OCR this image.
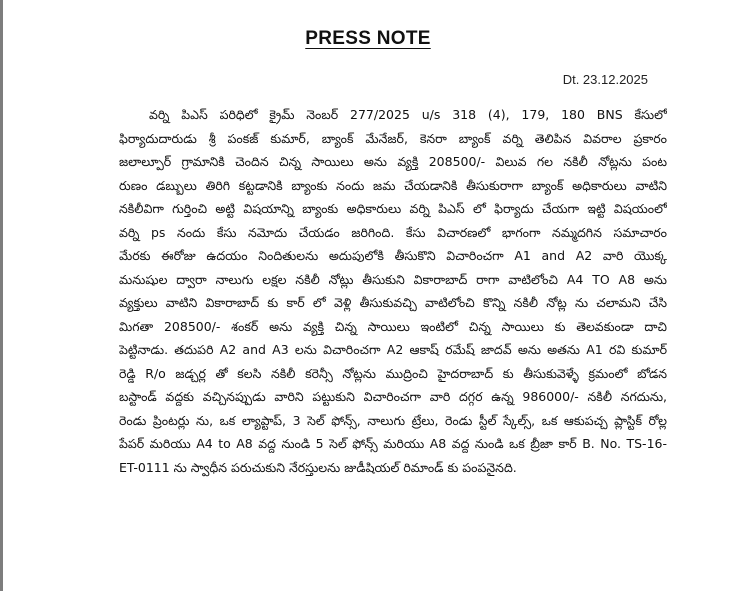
PRESS NOTE
Dt. 23.12.2025
వర్ని పిఎస్ పరిధిలో క్రైమ్ నెంబర్ 277/2025 u/s 318 (4), 179, 180 BNS కేసులో
ఫిర్యాదుదారుడు శ్రీ పంకజ్ కుమార్, బ్యాంక్ మేనేజర్, కెనరా బ్యాంక్ వర్ని తెలిపిన వివరాల ప్రకారం
జలాల్పూర్ గ్రామానికి చెందిన చిన్న సాయిలు అను వ్యక్తి 208500/- విలువ గల నకిలీ నోట్లను పంట
రుణం డబ్బులు తిరిగి కట్టడానికి బ్యాంకు నందు జమ చేయడానికి తీసుకురాగా బ్యాంక్ అధికారులు వాటిని
నకిలీవిగా గుర్తించి అట్టి విషయాన్ని బ్యాంకు అధికారులు వర్ని పిఎస్ లో ఫిర్యాదు చేయగా ఇట్టి విషయంలో
వర్ని ps నందు కేసు నమోదు చేయడం జరిగింది. కేసు విచారణలో భాగంగా నమ్మదగిన సమాచారం
మేరకు ఈరోజు ఉదయం నిందితులను అదుపులోకి తీసుకొని విచారించగా A1 and A2 వారి యొక్క
మనుషుల ద్వారా నాలుగు లక్షల నకిలీ నోట్లు తీసుకుని వికారాబాద్ రాగా వాటిలోంచి A4 TO A8 అను
వ్యక్తులు వాటిని వికారాబాద్ కు కార్ లో వెళ్లి తీసుకువచ్చి వాటిలోంచి కొన్ని నకిలీ నోట్ల ను చలామని చేసి
మిగతా 208500/- శంకర్ అను వ్యక్తి చిన్న సాయిలు ఇంటిలో చిన్న సాయిలు కు తెలవకుండా దాచి
పెట్టినాడు. తదుపరి A2 and A3 లను విచారించగా A2 ఆకాష్ రమేష్ జాదవ్ అను అతను A1 రవి కుమార్
రెడ్డి R/o జడ్చర్ల తో కలసి నకిలీ కరెన్సీ నోట్లను ముద్రించి హైదరాబాద్ కు తీసుకువెళ్ళే క్రమంలో బోడన
బస్టాండ్ వద్దకు వచ్చినప్పుడు వారిని పట్టుకుని విచారించగా వారి దగ్గర ఉన్న 986000/- నకిలీ నగదును,
రెండు ప్రింటర్లు ను, ఒక ల్యాప్టాప్, 3 సెల్ ఫోన్స్, నాలుగు ట్రేలు, రెండు స్టీల్ స్కేల్స్, ఒక ఆకుపచ్చ ప్లాస్టిక్ రోల్ల
పేపర్ మరియు A4 to A8 వద్ద నుండి 5 సెల్ ఫోన్స్ మరియు A8 వద్ద నుండి ఒక బ్రీజా కార్ B. No. TS-16-
ET-0111 ను స్వాధీన పరుచుకుని నేరస్తులను జుడీషియల్ రిమాండ్ కు పంపనైనది.
